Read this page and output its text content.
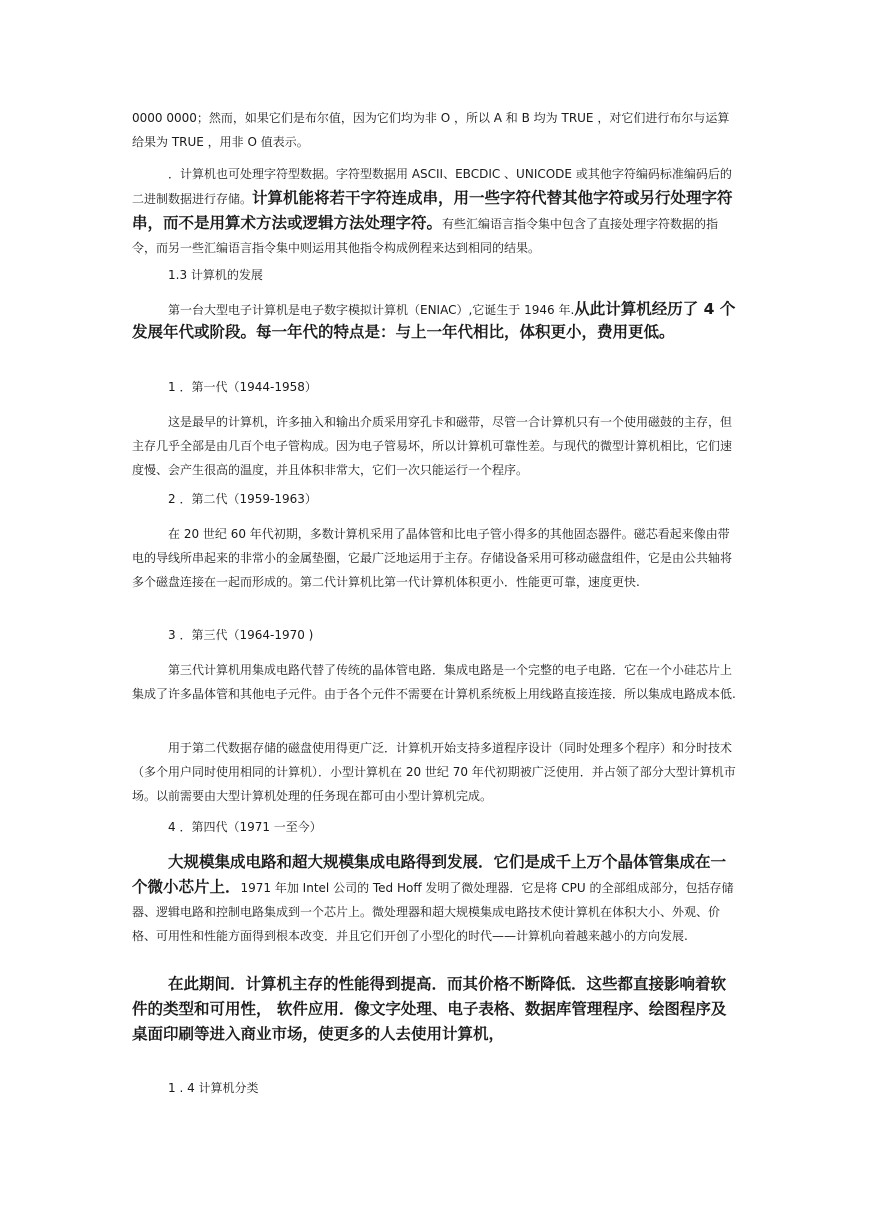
0000 0000；然而，如果它们是布尔值，因为它们均为非 O ，所以 A 和 B 均为 TRUE ，对它们进行布尔与运算给果为 TRUE ，用非 O 值表示。

．计算机也可处理字符型数据。字符型数据用 ASCII、EBCDIC 、UNICODE 或其他字符编码标准编码后的二进制数据进行存储。计算机能将若干字符连成串，用一些字符代替其他字符或另行处理字符串，而不是用算术方法或逻辑方法处理字符。有些汇编语言指令集中包含了直接处理字符数据的指令，而另一些汇编语言指令集中则运用其他指令构成例程来达到相同的结果。

1.3 计算机的发展

第一台大型电子计算机是电子数字模拟计算机（ENIAC）,它诞生于 1946 年.从此计算机经历了 4 个发展年代或阶段。每一年代的特点是：与上一年代相比，体积更小，费用更低。

1 ．第一代（1944-1958）

这是最早的计算机，许多抽入和输出介质采用穿孔卡和磁带，尽管一合计算机只有一个使用磁鼓的主存，但主存几乎全部是由几百个电子管构成。因为电子管易坏，所以计算机可靠性差。与现代的微型计算机相比，它们速度慢、会产生很高的温度，并且体积非常大，它们一次只能运行一个程序。

2 ．第二代（1959-1963）

在 20 世纪 60 年代初期，多数计算机采用了晶体管和比电子管小得多的其他固态器件。磁芯看起来像由带电的导线所串起来的非常小的金属垫圈，它最广泛地运用于主存。存储设备采用可移动磁盘组件，它是由公共轴将多个磁盘连接在一起而形成的。第二代计算机比第一代计算机体积更小．性能更可靠，速度更快.

3 ．第三代（1964-1970 )

第三代计算机用集成电路代替了传统的晶体管电路．集成电路是一个完整的电子电路．它在一个小硅芯片上集成了许多晶体管和其他电子元件。由于各个元件不需要在计算机系统板上用线路直接连接．所以集成电路成本低.

用于第二代数据存储的磁盘使用得更广泛．计算机开始支持多道程序设计（同时处理多个程序）和分时技术（多个用户同时使用相同的计算机）．小型计算机在 20 世纪 70 年代初期被广泛使用．并占领了部分大型计算机市场。以前需要由大型计算机处理的任务现在都可由小型计算机完成。

4 ．第四代（1971 一至今）

大规模集成电路和超大规模集成电路得到发展．它们是成千上万个晶体管集成在一个微小芯片上．1971 年加 Intel 公司的 Ted Hoff 发明了微处理器．它是将 CPU 的全部组成部分，包括存储器、逻辑电路和控制电路集成到一个芯片上。微处理器和超大规模集成电路技术使计算机在体积大小、外观、价格、可用性和性能方面得到根本改变．并且它们开创了小型化的时代——计算机向着越来越小的方向发展.

在此期间．计算机主存的性能得到提高．而其价格不断降低．这些都直接影响着软件的类型和可用性， 软件应用．像文字处理、电子表格、数据库管理程序、绘图程序及桌面印刷等进入商业市场，使更多的人去使用计算机，

1 . 4 计算机分类
